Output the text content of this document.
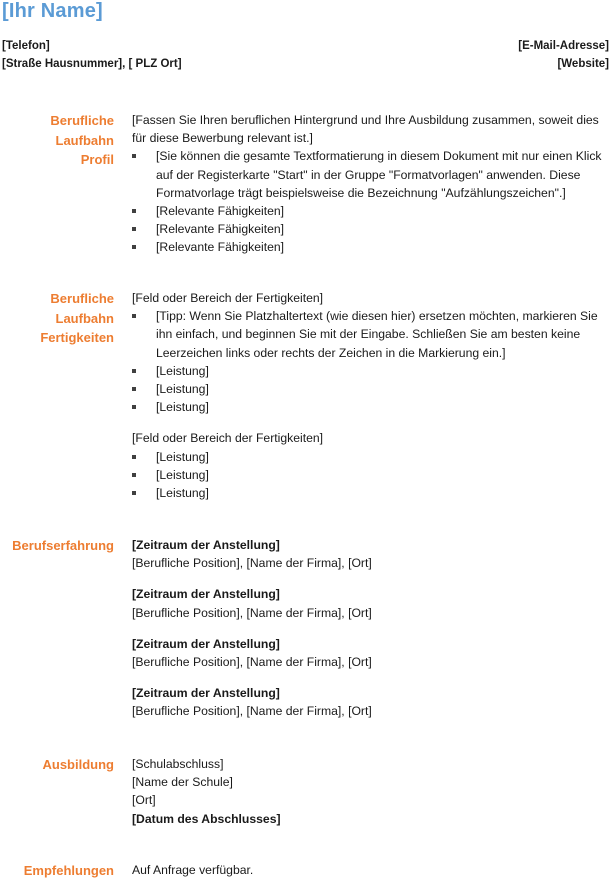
[Ihr Name]
[Telefon]
[Straße Hausnummer], [ PLZ Ort]
[E-Mail-Adresse]
[Website]
Berufliche
Laufbahn
Profil

[Fassen Sie Ihren beruflichen Hintergrund und Ihre Ausbildung zusammen, soweit dies für diese Bewerbung relevant ist.]

[Sie können die gesamte Textformatierung in diesem Dokument mit nur einen Klick auf der Registerkarte "Start" in der Gruppe "Formatvorlagen" anwenden. Diese Formatvorlage trägt beispielsweise die Bezeichnung "Aufzählungszeichen".]
[Relevante Fähigkeiten]
[Relevante Fähigkeiten]
[Relevante Fähigkeiten]
Berufliche
Laufbahn
Fertigkeiten

[Feld oder Bereich der Fertigkeiten]

[Tipp: Wenn Sie Platzhaltertext (wie diesen hier) ersetzen möchten, markieren Sie ihn einfach, und beginnen Sie mit der Eingabe. Schließen Sie am besten keine Leerzeichen links oder rechts der Zeichen in die Markierung ein.]
[Leistung]
[Leistung]
[Leistung]

[Feld oder Bereich der Fertigkeiten]

[Leistung]
[Leistung]
[Leistung]
Berufserfahrung [Zeitraum der Anstellung]

[Berufliche Position], [Name der Firma], [Ort]

[Zeitraum der Anstellung]

[Berufliche Position], [Name der Firma], [Ort]

[Zeitraum der Anstellung]

[Berufliche Position], [Name der Firma], [Ort]

[Zeitraum der Anstellung]

[Berufliche Position], [Name der Firma], [Ort]

Ausbildung [Schulabschluss]

[Name der Schule]

[Ort]

[Datum des Abschlusses]

Empfehlungen Auf Anfrage verfügbar.
